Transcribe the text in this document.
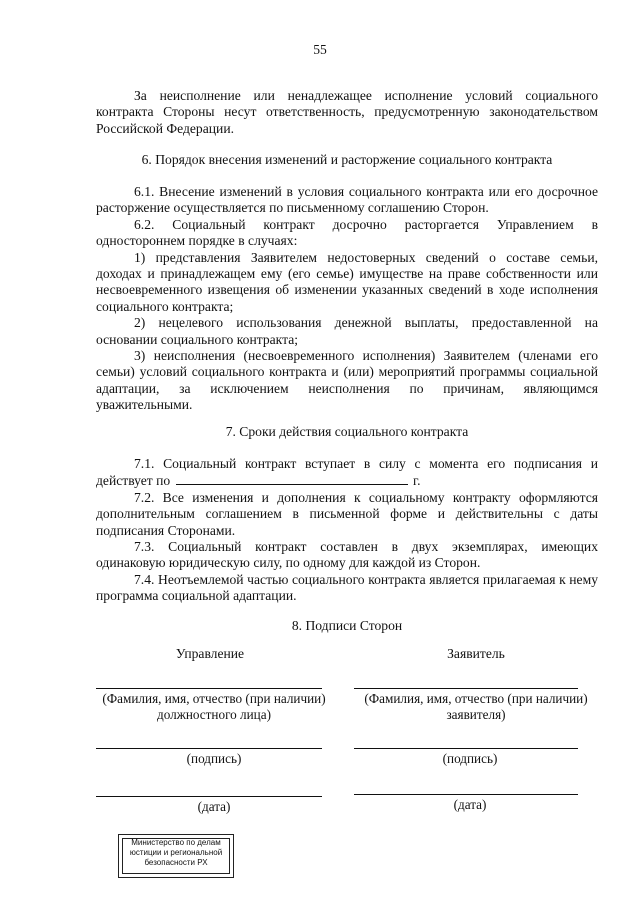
55

За неисполнение или ненадлежащее исполнение условий социального контракта Стороны несут ответственность, предусмотренную законодательством Российской Федерации.

6. Порядок внесения изменений и расторжение социального контракта

6.1. Внесение изменений в условия социального контракта или его досрочное расторжение осуществляется по письменному соглашению Сторон.

6.2. Социальный контракт досрочно расторгается Управлением в одностороннем порядке в случаях:

1) представления Заявителем недостоверных сведений о составе семьи, доходах и принадлежащем ему (его семье) имуществе на праве собственности или несвоевременного извещения об изменении указанных сведений в ходе исполнения социального контракта;

2) нецелевого использования денежной выплаты, предоставленной на основании социального контракта;

3) неисполнения (несвоевременного исполнения) Заявителем (членами его семьи) условий социального контракта и (или) мероприятий программы социальной адаптации, за исключением неисполнения по причинам, являющимся уважительными.

7. Сроки действия социального контракта

7.1. Социальный контракт вступает в силу с момента его подписания и действует по	г.

7.2. Все изменения и дополнения к социальному контракту оформляются дополнительным соглашением в письменной форме и действительны с даты подписания Сторонами.

7.3. Социальный контракт составлен в двух экземплярах, имеющих одинаковую юридическую силу, по одному для каждой из Сторон.

7.4. Неотъемлемой частью социального контракта является прилагаемая к нему программа социальной адаптации.

8. Подписи Сторон
Управление
(Фамилия, имя, отчество (при наличии)
должностного лица)
(подпись)
(дата)
Заявитель
(Фамилия, имя, отчество (при наличии)
заявителя)
(подпись)
(дата)
Министерство по делам
юстиции и региональной
безопасности РХ
